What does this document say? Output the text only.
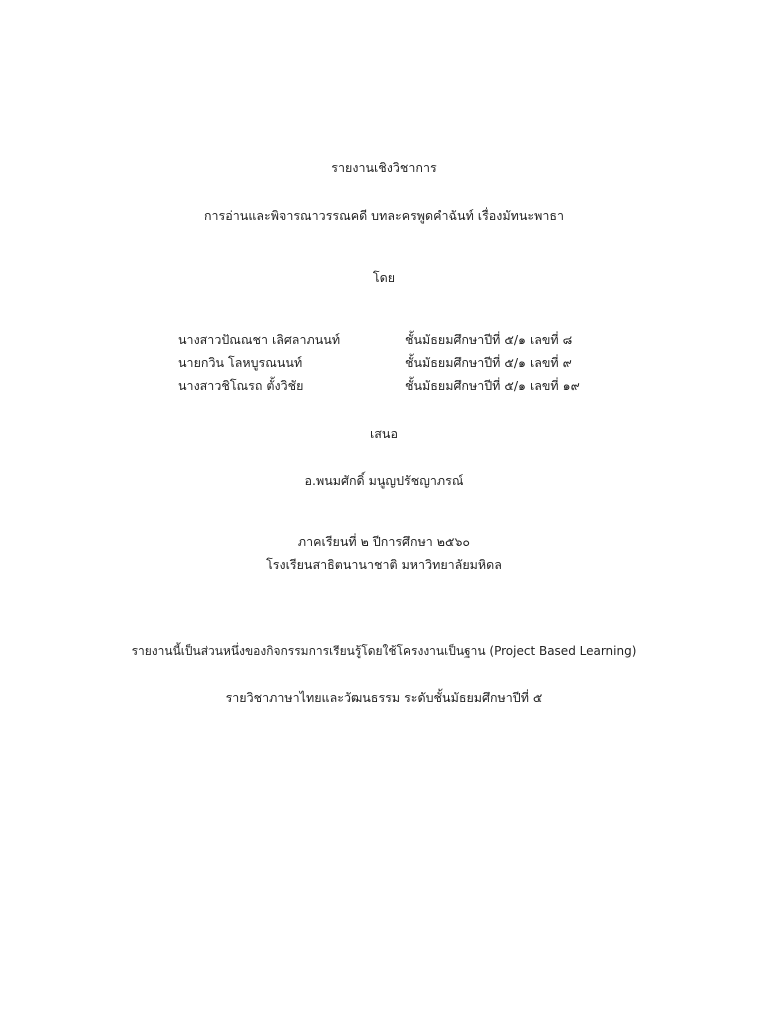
รายงานเชิงวิชาการ
การอ่านและพิจารณาวรรณคดี บทละครพูดคำฉันท์ เรื่องมัทนะพาธา
โดย
นางสาวปัณณชา เลิศลาภนนท์	ชั้นมัธยมศึกษาปีที่ ๕/๑ เลขที่ ๘
นายกวิน โลหบูรณนนท์	ชั้นมัธยมศึกษาปีที่ ๕/๑ เลขที่ ๙
นางสาวชิโณรถ ตั้งวิชัย	ชั้นมัธยมศึกษาปีที่ ๕/๑ เลขที่ ๑๙
เสนอ
อ.พนมศักดิ์ มนูญปรัชญาภรณ์
ภาคเรียนที่ ๒ ปีการศึกษา ๒๕๖๐
โรงเรียนสาธิตนานาชาติ มหาวิทยาลัยมหิดล
รายงานนี้เป็นส่วนหนึ่งของกิจกรรมการเรียนรู้โดยใช้โครงงานเป็นฐาน (Project Based Learning)
รายวิชาภาษาไทยและวัฒนธรรม ระดับชั้นมัธยมศึกษาปีที่ ๕
